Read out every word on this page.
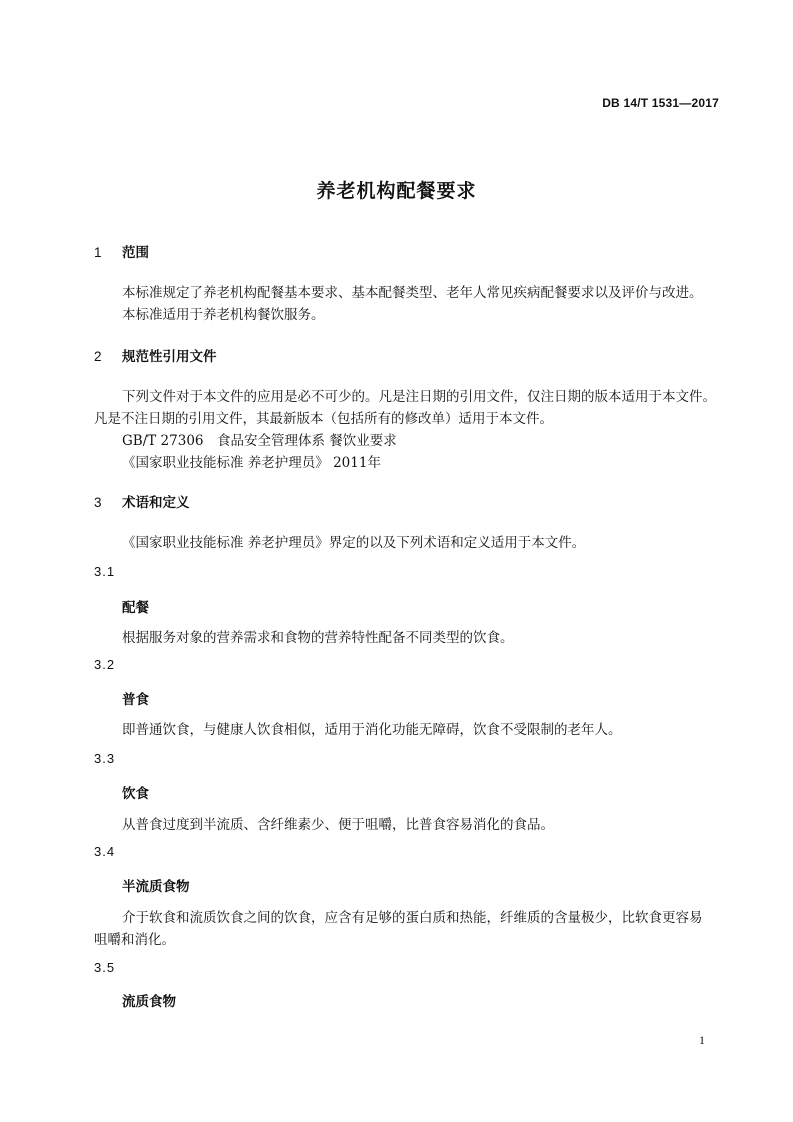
DB 14/T 1531—2017
养老机构配餐要求
1 范围
本标准规定了养老机构配餐基本要求、基本配餐类型、老年人常见疾病配餐要求以及评价与改进。
本标准适用于养老机构餐饮服务。
2 规范性引用文件
下列文件对于本文件的应用是必不可少的。凡是注日期的引用文件，仅注日期的版本适用于本文件。
凡是不注日期的引用文件，其最新版本（包括所有的修改单）适用于本文件。
GB/T 27306　食品安全管理体系 餐饮业要求
《国家职业技能标准 养老护理员》 2011年
3 术语和定义
《国家职业技能标准 养老护理员》界定的以及下列术语和定义适用于本文件。
3.1
配餐
根据服务对象的营养需求和食物的营养特性配备不同类型的饮食。
3.2
普食
即普通饮食，与健康人饮食相似，适用于消化功能无障碍，饮食不受限制的老年人。
3.3
饮食
从普食过度到半流质、含纤维素少、便于咀嚼，比普食容易消化的食品。
3.4
半流质食物
介于软食和流质饮食之间的饮食，应含有足够的蛋白质和热能，纤维质的含量极少，比软食更容易
咀嚼和消化。
3.5
流质食物
1
